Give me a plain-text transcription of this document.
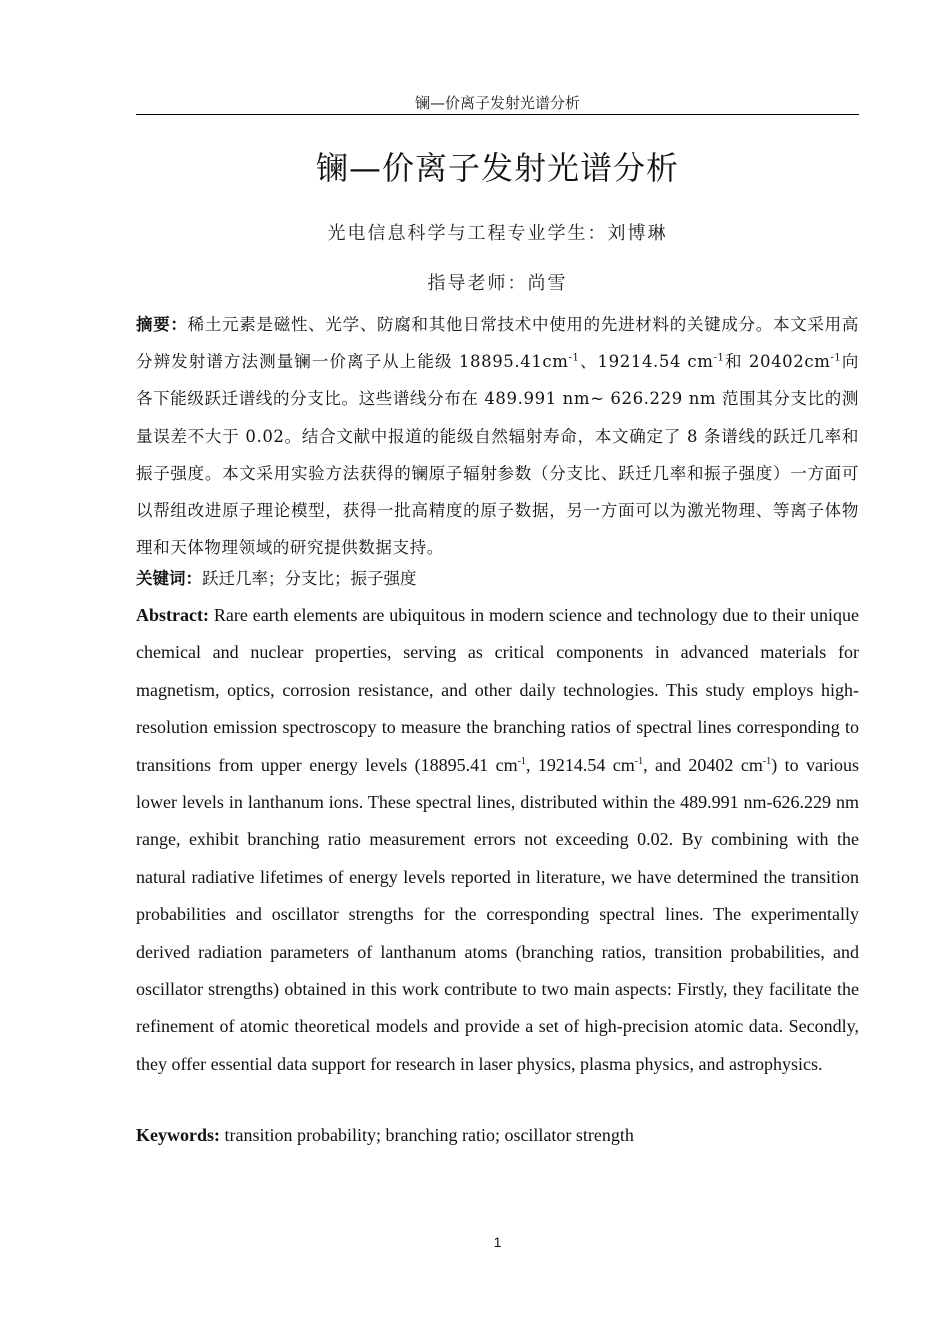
镧—价离子发射光谱分析
镧—价离子发射光谱分析
光电信息科学与工程专业学生：刘博琳
指导老师：尚雪

摘要：稀土元素是磁性、光学、防腐和其他日常技术中使用的先进材料的关键成分。本文采用高分辨发射谱方法测量镧一价离子从上能级 $18895.41cm^{-1}$、19214.54 $cm^{-1}$和 $20402cm^{-1}$向各下能级跃迁谱线的分支比。这些谱线分布在 489.991 nm~ 626.229 nm 范围其分支比的测量误差不大于 0.02。结合文献中报道的能级自然辐射寿命，本文确定了 8 条谱线的跃迁几率和振子强度。本文采用实验方法获得的镧原子辐射参数（分支比、跃迁几率和振子强度）一方面可以帮组改进原子理论模型，获得一批高精度的原子数据，另一方面可以为激光物理、等离子体物理和天体物理领域的研究提供数据支持。

关键词：跃迁几率；分支比；振子强度

Abstract: Rare earth elements are ubiquitous in modern science and technology due to their unique chemical and nuclear properties, serving as critical components in advanced materials for magnetism, optics, corrosion resistance, and other daily technologies. This study employs high-resolution emission spectroscopy to measure the branching ratios of spectral lines corresponding to transitions from upper energy levels (18895.41 $cm^{-1}$, 19214.54 $cm^{-1}$, and 20402 $cm^{-1}$) to various lower levels in lanthanum ions. These spectral lines, distributed within the 489.991 nm-626.229 nm range, exhibit branching ratio measurement errors not exceeding 0.02. By combining with the natural radiative lifetimes of energy levels reported in literature, we have determined the transition probabilities and oscillator strengths for the corresponding spectral lines. The experimentally derived radiation parameters of lanthanum atoms (branching ratios, transition probabilities, and oscillator strengths) obtained in this work contribute to two main aspects: Firstly, they facilitate the refinement of atomic theoretical models and provide a set of high-precision atomic data. Secondly, they offer essential data support for research in laser physics, plasma physics, and astrophysics.

Keywords: transition probability; branching ratio; oscillator strength

1
